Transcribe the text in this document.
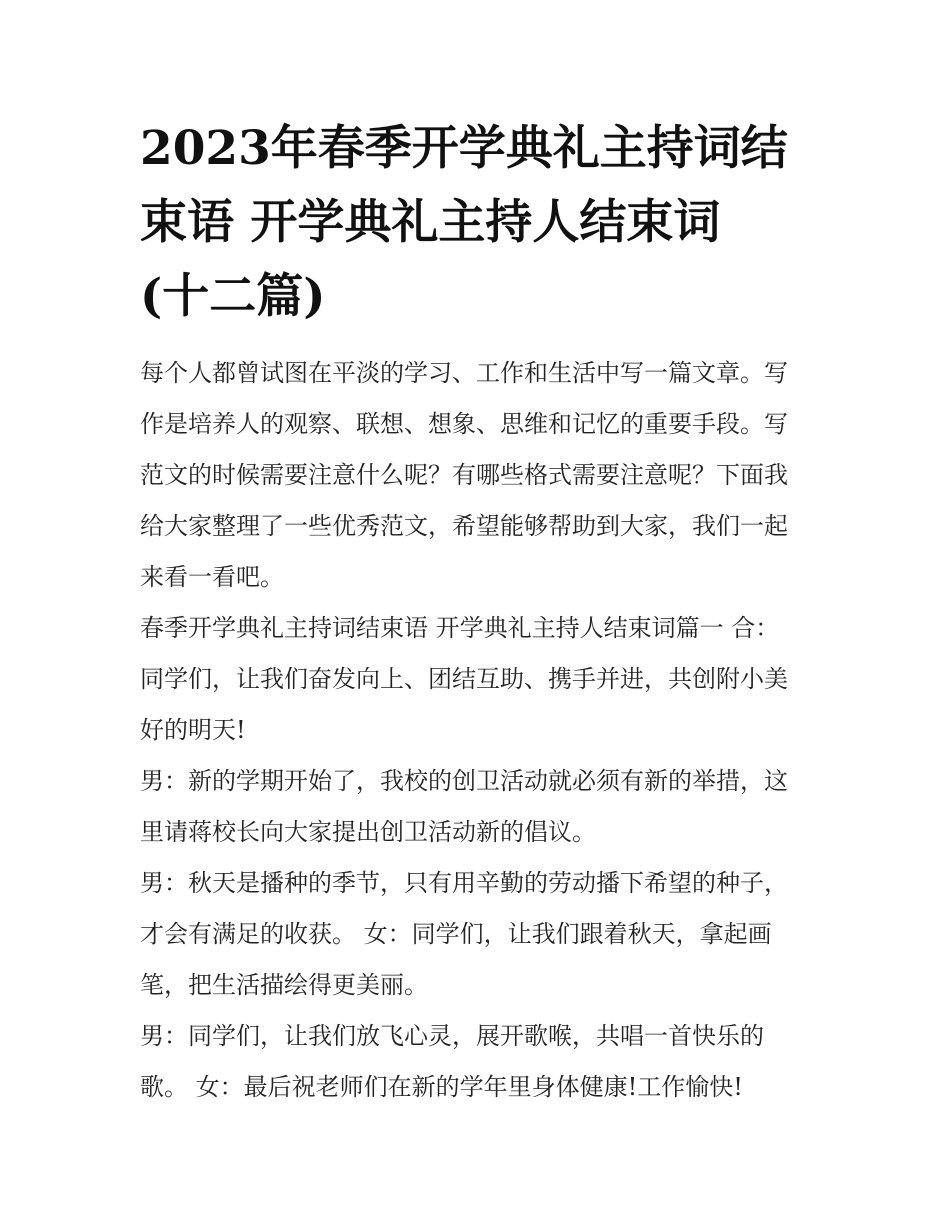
2023年春季开学典礼主持词结
束语 开学典礼主持人结束词
(十二篇)

每个人都曾试图在平淡的学习、工作和生活中写一篇文章。写
作是培养人的观察、联想、想象、思维和记忆的重要手段。写
范文的时候需要注意什么呢？有哪些格式需要注意呢？下面我
给大家整理了一些优秀范文，希望能够帮助到大家，我们一起
来看一看吧。

春季开学典礼主持词结束语 开学典礼主持人结束词篇一 合：
同学们，让我们奋发向上、团结互助、携手并进，共创附小美
好的明天!

男：新的学期开始了，我校的创卫活动就必须有新的举措，这
里请蒋校长向大家提出创卫活动新的倡议。

男：秋天是播种的季节，只有用辛勤的劳动播下希望的种子，
才会有满足的收获。 女：同学们，让我们跟着秋天，拿起画
笔，把生活描绘得更美丽。

男：同学们，让我们放飞心灵，展开歌喉，共唱一首快乐的
歌。 女：最后祝老师们在新的学年里身体健康!工作愉快!
